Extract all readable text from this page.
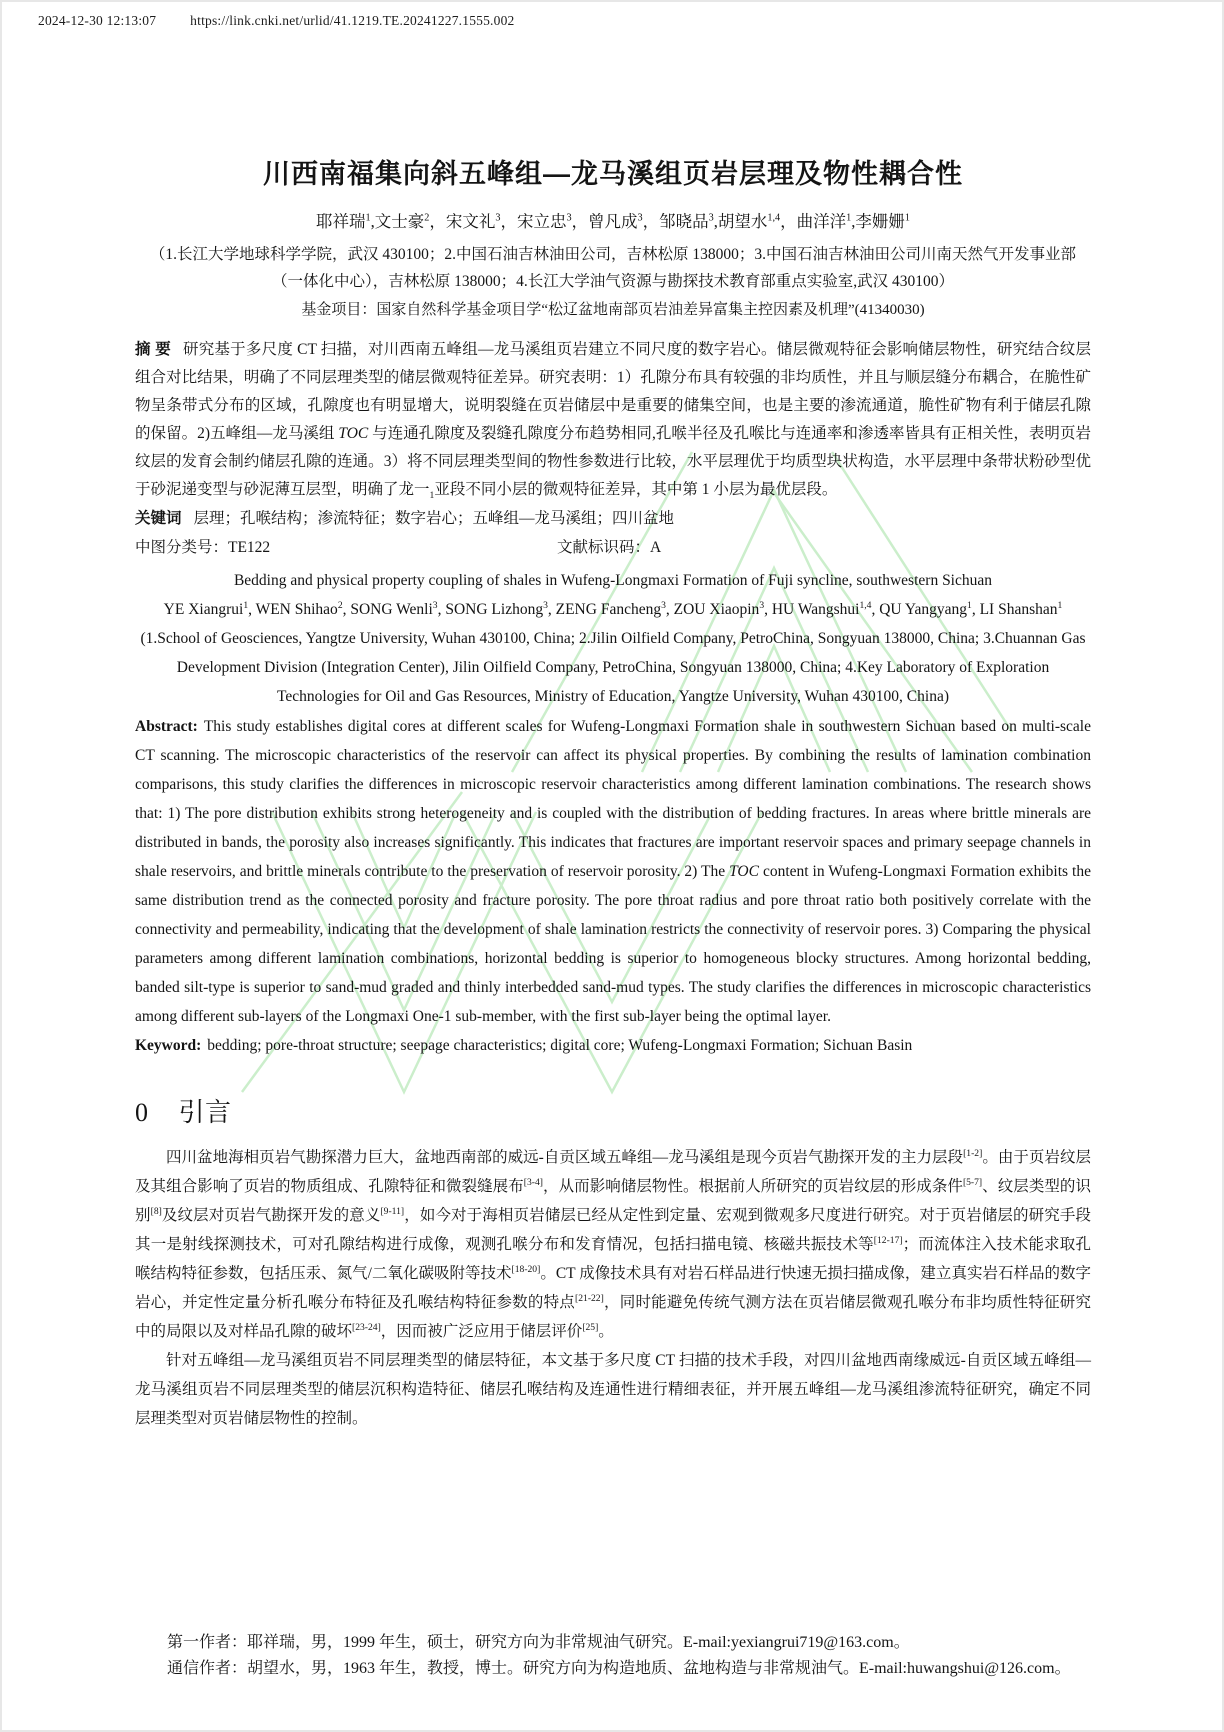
2024-12-30 12:13:07	https://link.cnki.net/urlid/41.1219.TE.20241227.1555.002
川西南福集向斜五峰组—龙马溪组页岩层理及物性耦合性
耶祥瑞$^1$,文士豪$^2$，宋文礼$^3$，宋立忠$^3$，曾凡成$^3$，邹晓品$^3$,胡望水$^{1,4}$，曲洋洋$^1$,李姗姗$^1$
（1.长江大学地球科学学院，武汉 430100；2.中国石油吉林油田公司，吉林松原 138000；3.中国石油吉林油田公司川南天然气开发事业部（一体化中心），吉林松原 138000；4.长江大学油气资源与勘探技术教育部重点实验室,武汉 430100）
基金项目：国家自然科学基金项目学“松辽盆地南部页岩油差异富集主控因素及机理”(41340030)
摘 要 研究基于多尺度 CT 扫描，对川西南五峰组—龙马溪组页岩建立不同尺度的数字岩心。储层微观特征会影响储层物性，研究结合纹层组合对比结果，明确了不同层理类型的储层微观特征差异。研究表明：1）孔隙分布具有较强的非均质性，并且与顺层缝分布耦合，在脆性矿物呈条带式分布的区域，孔隙度也有明显增大，说明裂缝在页岩储层中是重要的储集空间，也是主要的渗流通道，脆性矿物有利于储层孔隙的保留。2)五峰组—龙马溪组 TOC 与连通孔隙度及裂缝孔隙度分布趋势相同,孔喉半径及孔喉比与连通率和渗透率皆具有正相关性，表明页岩纹层的发育会制约储层孔隙的连通。3）将不同层理类型间的物性参数进行比较，水平层理优于均质型块状构造，水平层理中条带状粉砂型优于砂泥递变型与砂泥薄互层型，明确了龙一$_1$亚段不同小层的微观特征差异，其中第 1 小层为最优层段。
关键词 层理；孔喉结构；渗流特征；数字岩心；五峰组—龙马溪组；四川盆地
中图分类号：TE122	文献标识码：A
Bedding and physical property coupling of shales in Wufeng-Longmaxi Formation of Fuji syncline, southwestern Sichuan
YE Xiangrui$^1$, WEN Shihao$^2$, SONG Wenli$^3$, SONG Lizhong$^3$, ZENG Fancheng$^3$, ZOU Xiaopin$^3$, HU Wangshui$^{1,4}$, QU Yangyang$^1$, LI Shanshan$^1$
(1.School of Geosciences, Yangtze University, Wuhan 430100, China; 2.Jilin Oilfield Company, PetroChina, Songyuan 138000, China; 3.Chuannan Gas Development Division (Integration Center), Jilin Oilfield Company, PetroChina, Songyuan 138000, China; 4.Key Laboratory of Exploration Technologies for Oil and Gas Resources, Ministry of Education, Yangtze University, Wuhan 430100, China)
Abstract: This study establishes digital cores at different scales for Wufeng-Longmaxi Formation shale in southwestern Sichuan based on multi-scale CT scanning. The microscopic characteristics of the reservoir can affect its physical properties. By combining the results of lamination combination comparisons, this study clarifies the differences in microscopic reservoir characteristics among different lamination combinations. The research shows that: 1) The pore distribution exhibits strong heterogeneity and is coupled with the distribution of bedding fractures. In areas where brittle minerals are distributed in bands, the porosity also increases significantly. This indicates that fractures are important reservoir spaces and primary seepage channels in shale reservoirs, and brittle minerals contribute to the preservation of reservoir porosity. 2) The TOC content in Wufeng-Longmaxi Formation exhibits the same distribution trend as the connected porosity and fracture porosity. The pore throat radius and pore throat ratio both positively correlate with the connectivity and permeability, indicating that the development of shale lamination restricts the connectivity of reservoir pores. 3) Comparing the physical parameters among different lamination combinations, horizontal bedding is superior to homogeneous blocky structures. Among horizontal bedding, banded silt-type is superior to sand-mud graded and thinly interbedded sand-mud types. The study clarifies the differences in microscopic characteristics among different sub-layers of the Longmaxi One-1 sub-member, with the first sub-layer being the optimal layer.
Keyword: bedding; pore-throat structure; seepage characteristics; digital core; Wufeng-Longmaxi Formation; Sichuan Basin
0 引言

四川盆地海相页岩气勘探潜力巨大，盆地西南部的威远-自贡区域五峰组—龙马溪组是现今页岩气勘探开发的主力层段[1-2]。由于页岩纹层及其组合影响了页岩的物质组成、孔隙特征和微裂缝展布[3-4]，从而影响储层物性。根据前人所研究的页岩纹层的形成条件[5-7]、纹层类型的识别[8]及纹层对页岩气勘探开发的意义[9-11]，如今对于海相页岩储层已经从定性到定量、宏观到微观多尺度进行研究。对于页岩储层的研究手段其一是射线探测技术，可对孔隙结构进行成像，观测孔喉分布和发育情况，包括扫描电镜、核磁共振技术等[12-17]；而流体注入技术能求取孔喉结构特征参数，包括压汞、氮气/二氧化碳吸附等技术[18-20]。CT 成像技术具有对岩石样品进行快速无损扫描成像，建立真实岩石样品的数字岩心，并定性定量分析孔喉分布特征及孔喉结构特征参数的特点[21-22]，同时能避免传统气测方法在页岩储层微观孔喉分布非均质性特征研究中的局限以及对样品孔隙的破坏[23-24]，因而被广泛应用于储层评价[25]。

针对五峰组—龙马溪组页岩不同层理类型的储层特征，本文基于多尺度 CT 扫描的技术手段，对四川盆地西南缘威远-自贡区域五峰组—龙马溪组页岩不同层理类型的储层沉积构造特征、储层孔喉结构及连通性进行精细表征，并开展五峰组—龙马溪组渗流特征研究，确定不同层理类型对页岩储层物性的控制。

第一作者：耶祥瑞，男，1999 年生，硕士，研究方向为非常规油气研究。E-mail:yexiangrui719@163.com。

通信作者：胡望水，男，1963 年生，教授，博士。研究方向为构造地质、盆地构造与非常规油气。E-mail:huwangshui@126.com。
